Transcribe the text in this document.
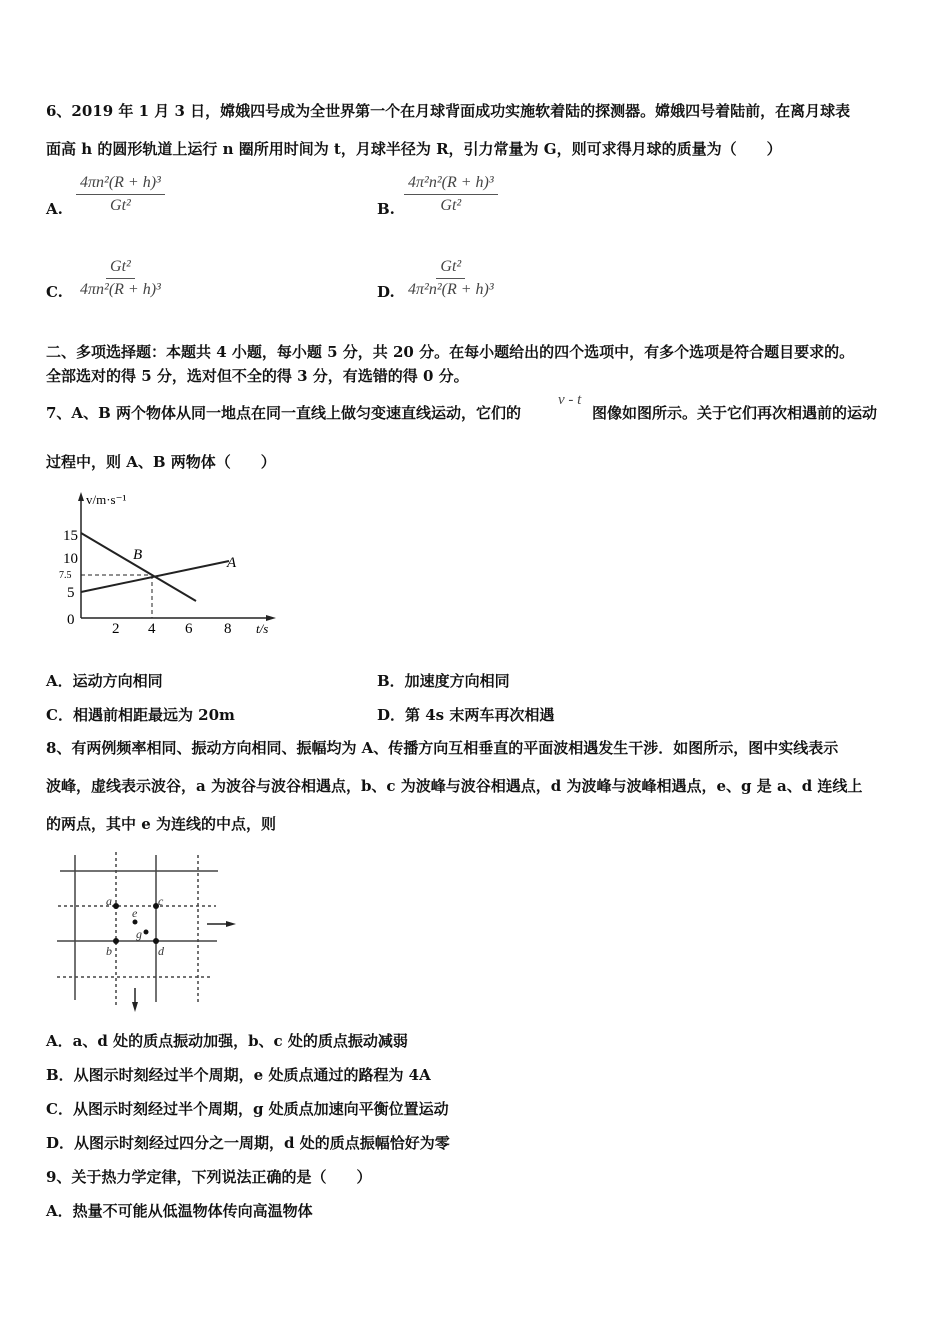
6、2019 年 1 月 3 日，嫦娥四号成为全世界第一个在月球背面成功实施软着陆的探测器。嫦娥四号着陆前，在离月球表
面高 h 的圆形轨道上运行 n 圈所用时间为 t，月球半径为 R，引力常量为 G，则可求得月球的质量为（　　）
A. $\frac{\text{4πn²(R + h)³}}{\text{Gt²}}$	B. $\frac{\text{4π²n²(R + h)³}}{\text{Gt²}}$
C. $\frac{\text{Gt²}}{\text{4πn²(R + h)³}}$	D. $\frac{\text{Gt²}}{\text{4π²n²(R + h)³}}$
二、多项选择题：本题共 4 小题，每小题 5 分，共 20 分。在每小题给出的四个选项中，有多个选项是符合题目要求的。
全部选对的得 5 分，选对但不全的得 3 分，有选错的得 0 分。
7、A、B 两个物体从同一地点在同一直线上做匀变速直线运动，它们的
v - t
图像如图所示。关于它们再次相遇前的运动
过程中，则 A、B 两物体（　　）
v/m·s⁻¹
t/s
15
10
7.5
5
0
2 4 6 8
B	A
A．运动方向相同	B．加速度方向相同
C．相遇前相距最远为 20m	D．第 4s 末两车再次相遇
8、有两例频率相同、振动方向相同、振幅均为 A、传播方向互相垂直的平面波相遇发生干涉．如图所示，图中实线表示
波峰，虚线表示波谷，a 为波谷与波谷相遇点，b、c 为波峰与波谷相遇点，d 为波峰与波峰相遇点，e、g 是 a、d 连线上
的两点，其中 e 为连线的中点，则
a	c
e
g
b	d
A．a、d 处的质点振动加强，b、c 处的质点振动减弱
B．从图示时刻经过半个周期，e 处质点通过的路程为 4A
C．从图示时刻经过半个周期，g 处质点加速向平衡位置运动
D．从图示时刻经过四分之一周期，d 处的质点振幅恰好为零
9、关于热力学定律，下列说法正确的是（　　）
A．热量不可能从低温物体传向高温物体
